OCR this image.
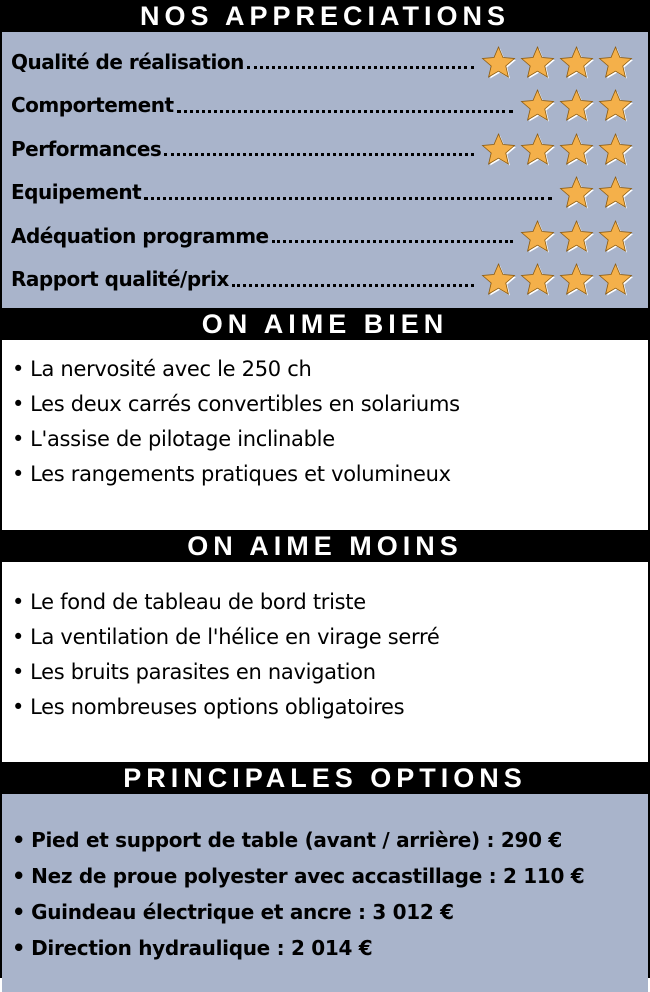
NOS APPRECIATIONS
Qualité de réalisation
Comportement
Performances
Equipement
Adéquation programme
Rapport qualité/prix
ON AIME BIEN
• La nervosité avec le 250 ch
• Les deux carrés convertibles en solariums
• L'assise de pilotage inclinable
• Les rangements pratiques et volumineux
ON AIME MOINS
• Le fond de tableau de bord triste
• La ventilation de l'hélice en virage serré
• Les bruits parasites en navigation
• Les nombreuses options obligatoires
PRINCIPALES OPTIONS
• Pied et support de table (avant / arrière) : 290 €
• Nez de proue polyester avec accastillage : 2 110 €
• Guindeau électrique et ancre : 3 012 €
• Direction hydraulique : 2 014 €
